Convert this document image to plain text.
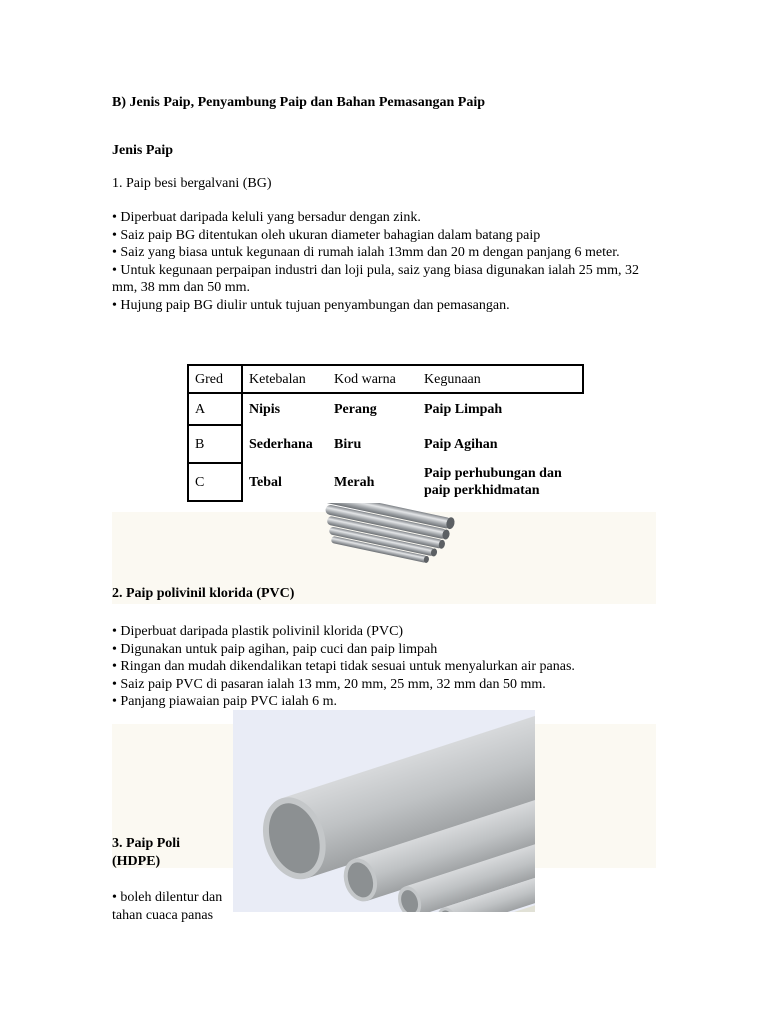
B) Jenis Paip, Penyambung Paip dan Bahan Pemasangan Paip
Jenis Paip
1. Paip besi bergalvani (BG)
• Diperbuat daripada keluli yang bersadur dengan zink.
• Saiz paip BG ditentukan oleh ukuran diameter bahagian dalam batang paip
• Saiz yang biasa untuk kegunaan di rumah ialah 13mm dan 20 m dengan panjang 6 meter.
• Untuk kegunaan perpaipan industri dan loji pula, saiz yang biasa digunakan ialah 25 mm, 32 mm, 38 mm dan 50 mm.
• Hujung paip BG diulir untuk tujuan penyambungan dan pemasangan.
Gred	Ketebalan	Kod warna	Kegunaan
A	Nipis	Perang	Paip Limpah
B	Sederhana	Biru	Paip Agihan
C	Tebal	Merah	Paip perhubungan dan paip perkhidmatan
2. Paip polivinil klorida (PVC)
• Diperbuat daripada plastik polivinil klorida (PVC)
• Digunakan untuk paip agihan, paip cuci dan paip limpah
• Ringan dan mudah dikendalikan tetapi tidak sesuai untuk menyalurkan air panas.
• Saiz paip PVC di pasaran ialah 13 mm, 20 mm, 25 mm, 32 mm dan 50 mm.
• Panjang piawaian paip PVC ialah 6 m.
3. Paip Poli (HDPE)
• boleh dilentur dan tahan cuaca panas
